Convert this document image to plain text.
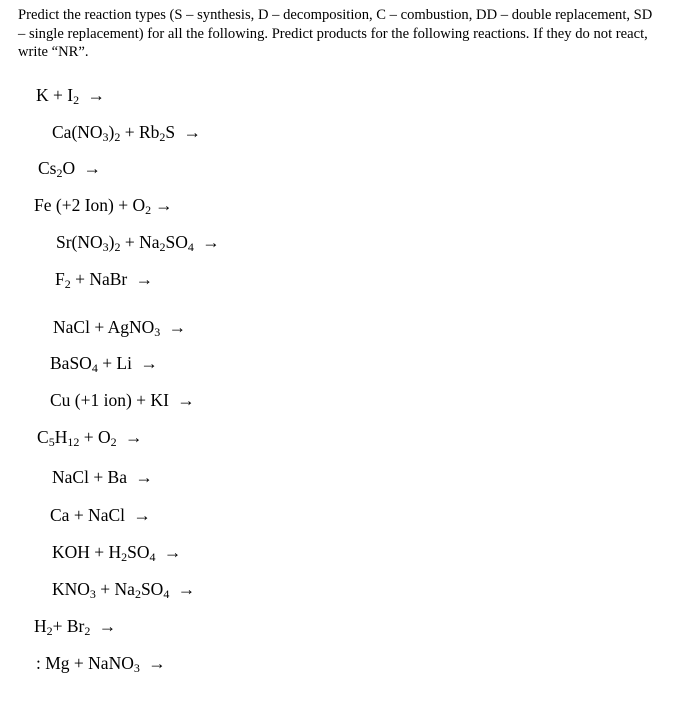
Predict the reaction types (S – synthesis, D – decomposition, C – combustion, DD – double replacement, SD – single replacement) for all the following. Predict products for the following reactions. If they do not react, write “NR”.

$K + I_2$ →
$Ca(NO_3)_2 + Rb_2S$ →
$Cs_2O$ →
Fe (+2 $Ion) + O_2$ →
$Sr(NO_3)_2 + Na_2SO_4$ →
$F_2$ + NaBr →
NaCl + AgNO$_3$ →
BaSO$_4$ + Li →
Cu (+1 ion) + KI →
$C_5H_{12} + O_2$ →
NaCl + Ba →
Ca + NaCl →
KOH + $H_2SO_4$ →
$KNO_3 + Na_2SO_4$ →
$H_2+ Br_2$ →
: Mg + NaNO$_3$ →
